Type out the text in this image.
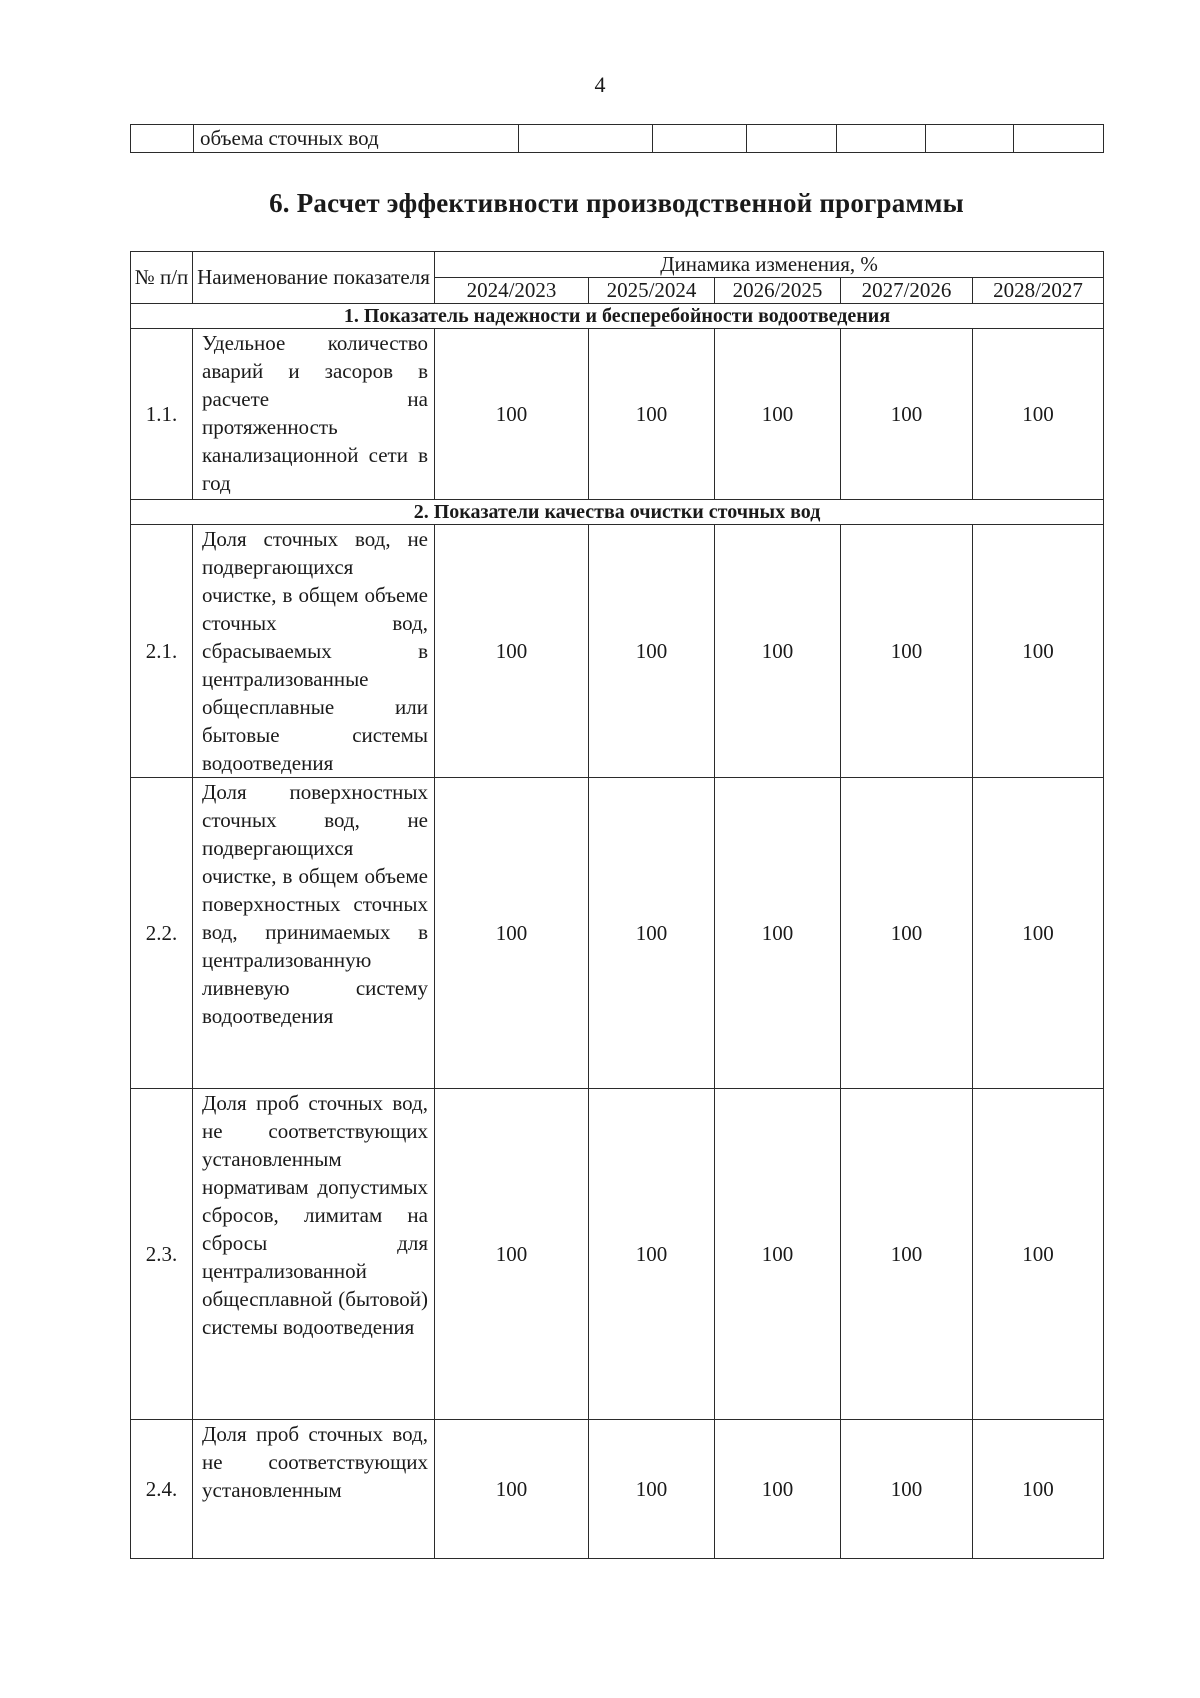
4
	объема сточных вод						
6. Расчет эффективности производственной программы
№ п/п	Наименование показателя	Динамика изменения, %				
		2024/2023	2025/2024	2026/2025	2027/2026	2028/2027
1. Показатель надежности и бесперебойности водоотведения						
1.1.	Удельное количество аварий и засоров в расчете на протяженность канализационной сети в год	100	100	100	100	100
2. Показатели качества очистки сточных вод						
2.1.	Доля сточных вод, не подвергающихся очистке, в общем объеме сточных вод, сбрасываемых в централизованные общесплавные или бытовые системы водоотведения	100	100	100	100	100
2.2.	Доля поверхностных сточных вод, не подвергающихся очистке, в общем объеме поверхностных сточных вод, принимаемых в централизованную ливневую систему водоотведения	100	100	100	100	100
2.3.	Доля проб сточных вод, не соответствующих установленным нормативам допустимых сбросов, лимитам на сбросы для централизованной общесплавной (бытовой) системы водоотведения	100	100	100	100	100
2.4.	Доля проб сточных вод, не соответствующих установленным	100	100	100	100	100
